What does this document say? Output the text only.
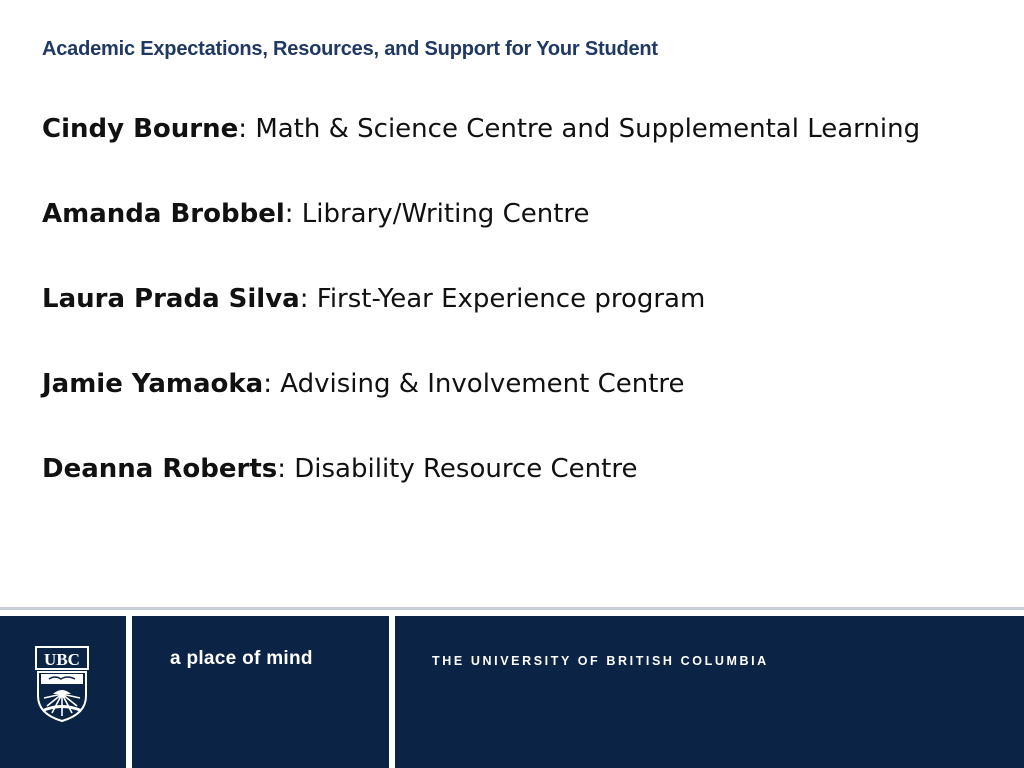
Academic Expectations, Resources, and Support for Your Student

Cindy Bourne: Math & Science Centre and Supplemental Learning

Amanda Brobbel: Library/Writing Centre

Laura Prada Silva: First-Year Experience program

Jamie Yamaoka: Advising & Involvement Centre

Deanna Roberts: Disability Resource Centre

UBC	a place of mind	THE UNIVERSITY OF BRITISH COLUMBIA
